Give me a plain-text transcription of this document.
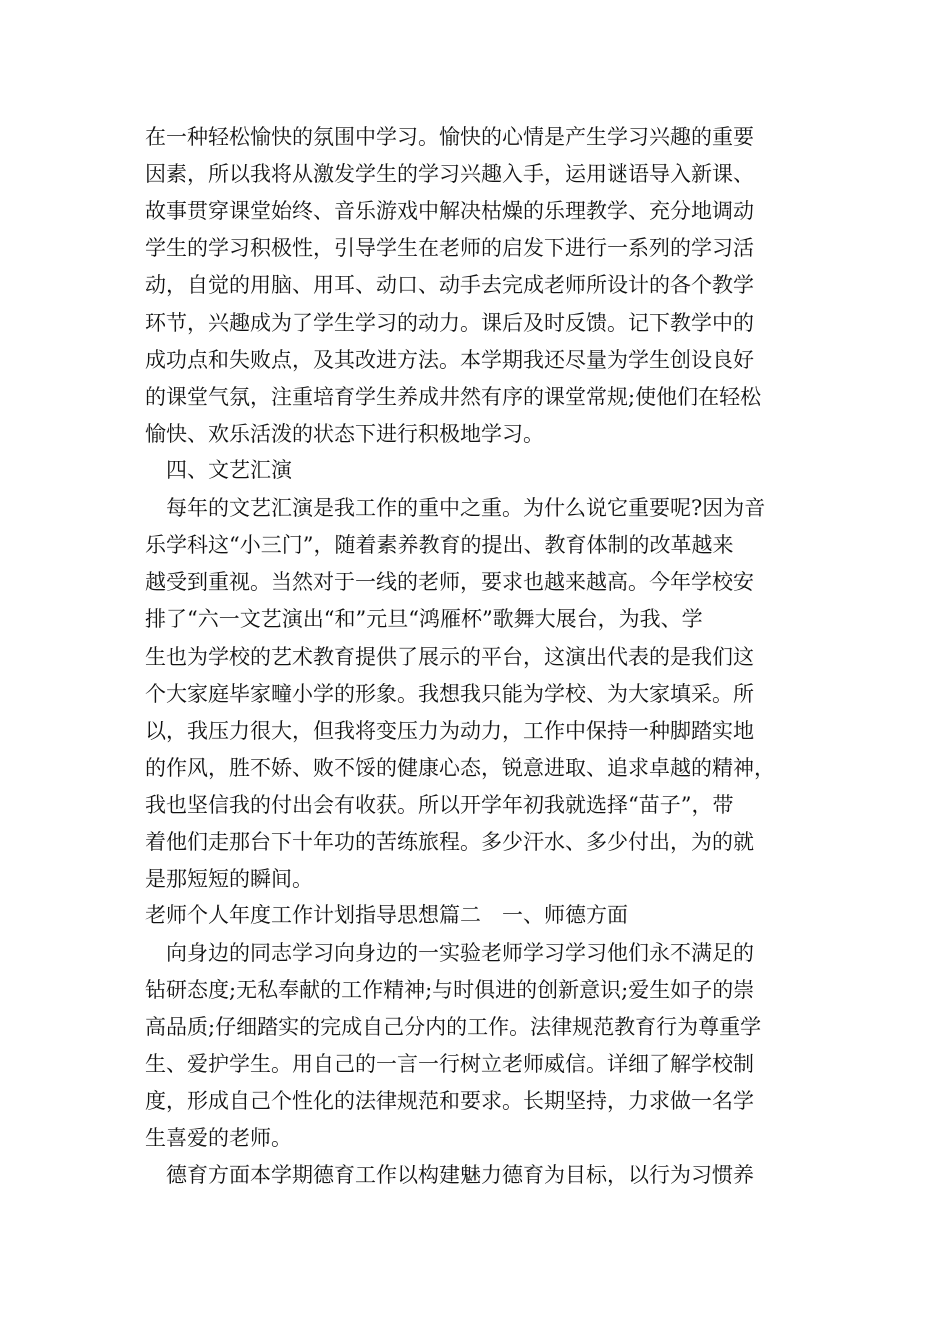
在一种轻松愉快的氛围中学习。愉快的心情是产生学习兴趣的重要

因素，所以我将从激发学生的学习兴趣入手，运用谜语导入新课、

故事贯穿课堂始终、音乐游戏中解决枯燥的乐理教学、充分地调动

学生的学习积极性，引导学生在老师的启发下进行一系列的学习活

动，自觉的用脑、用耳、动口、动手去完成老师所设计的各个教学

环节，兴趣成为了学生学习的动力。课后及时反馈。记下教学中的

成功点和失败点，及其改进方法。本学期我还尽量为学生创设良好

的课堂气氛，注重培育学生养成井然有序的课堂常规;使他们在轻松

愉快、欢乐活泼的状态下进行积极地学习。

　四、文艺汇演

　每年的文艺汇演是我工作的重中之重。为什么说它重要呢?因为音

乐学科这“小三门”，随着素养教育的提出、教育体制的改革越来

越受到重视。当然对于一线的老师，要求也越来越高。今年学校安

排了“六一文艺演出“和”元旦“鸿雁杯”歌舞大展台，为我、学

生也为学校的艺术教育提供了展示的平台，这演出代表的是我们这

个大家庭毕家疃小学的形象。我想我只能为学校、为大家填采。所

以，我压力很大，但我将变压力为动力，工作中保持一种脚踏实地

的作风，胜不娇、败不馁的健康心态，锐意进取、追求卓越的精神，

我也坚信我的付出会有收获。所以开学年初我就选择“苗子”，带

着他们走那台下十年功的苦练旅程。多少汗水、多少付出，为的就

是那短短的瞬间。

老师个人年度工作计划指导思想篇二　一、师德方面

　向身边的同志学习向身边的一实验老师学习学习他们永不满足的

钻研态度;无私奉献的工作精神;与时俱进的创新意识;爱生如子的崇

高品质;仔细踏实的完成自己分内的工作。法律规范教育行为尊重学

生、爱护学生。用自己的一言一行树立老师威信。详细了解学校制

度，形成自己个性化的法律规范和要求。长期坚持，力求做一名学

生喜爱的老师。

　德育方面本学期德育工作以构建魅力德育为目标，以行为习惯养
